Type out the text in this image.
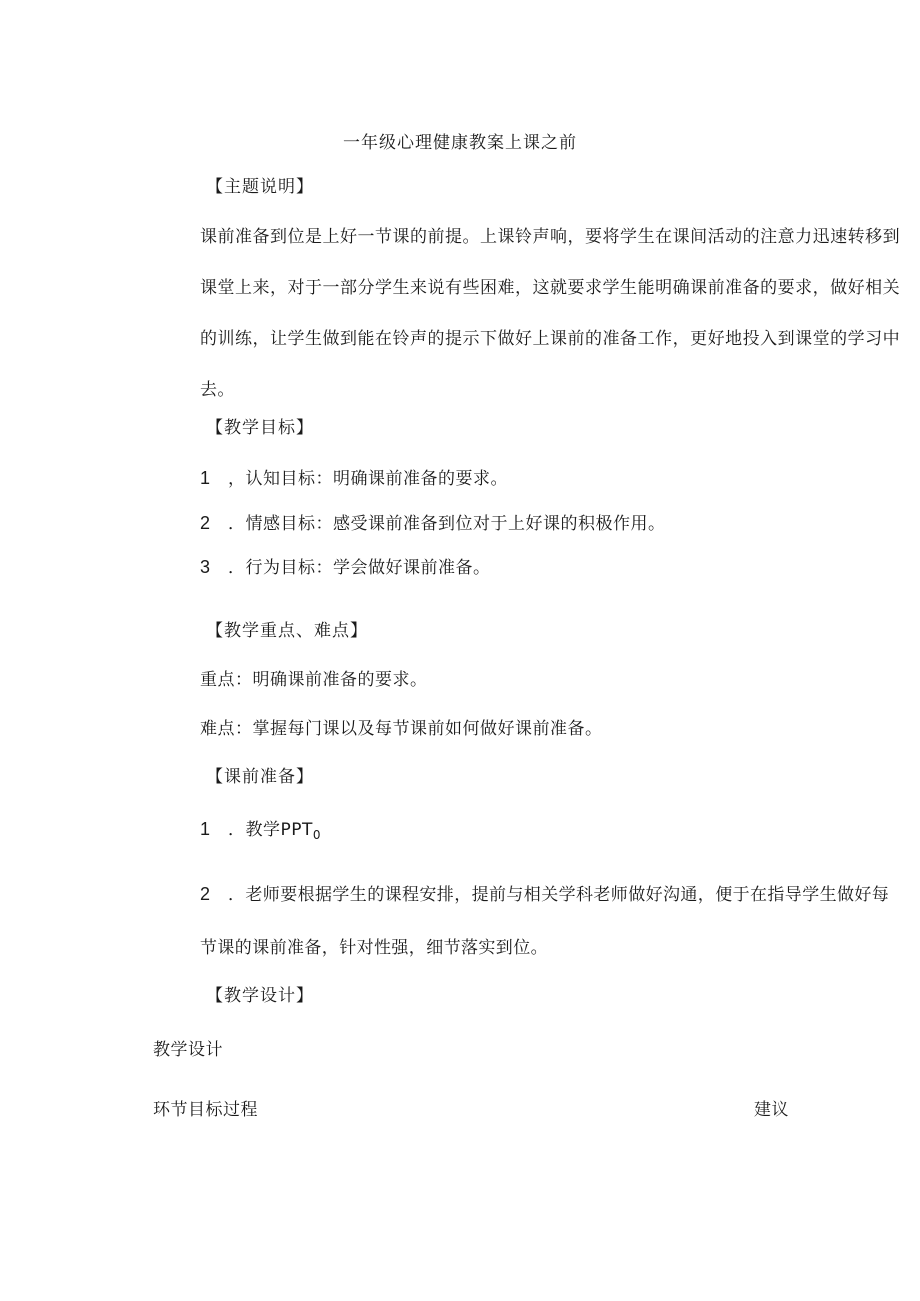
一年级心理健康教案上课之前
【主题说明】
课前准备到位是上好一节课的前提。上课铃声响，要将学生在课间活动的注意力迅速转移到课堂上来，对于一部分学生来说有些困难，这就要求学生能明确课前准备的要求，做好相关的训练，让学生做到能在铃声的提示下做好上课前的准备工作，更好地投入到课堂的学习中去。
【教学目标】
1 ，认知目标：明确课前准备的要求。
2 ．情感目标：感受课前准备到位对于上好课的积极作用。
3 ．行为目标：学会做好课前准备。
【教学重点、难点】
重点：明确课前准备的要求。
难点：掌握每门课以及每节课前如何做好课前准备。
【课前准备】
1 ．教学$PPT_0$
2 ．老师要根据学生的课程安排，提前与相关学科老师做好沟通，便于在指导学生做好每节课的课前准备，针对性强，细节落实到位。
【教学设计】
教学设计
环节目标过程	建议
